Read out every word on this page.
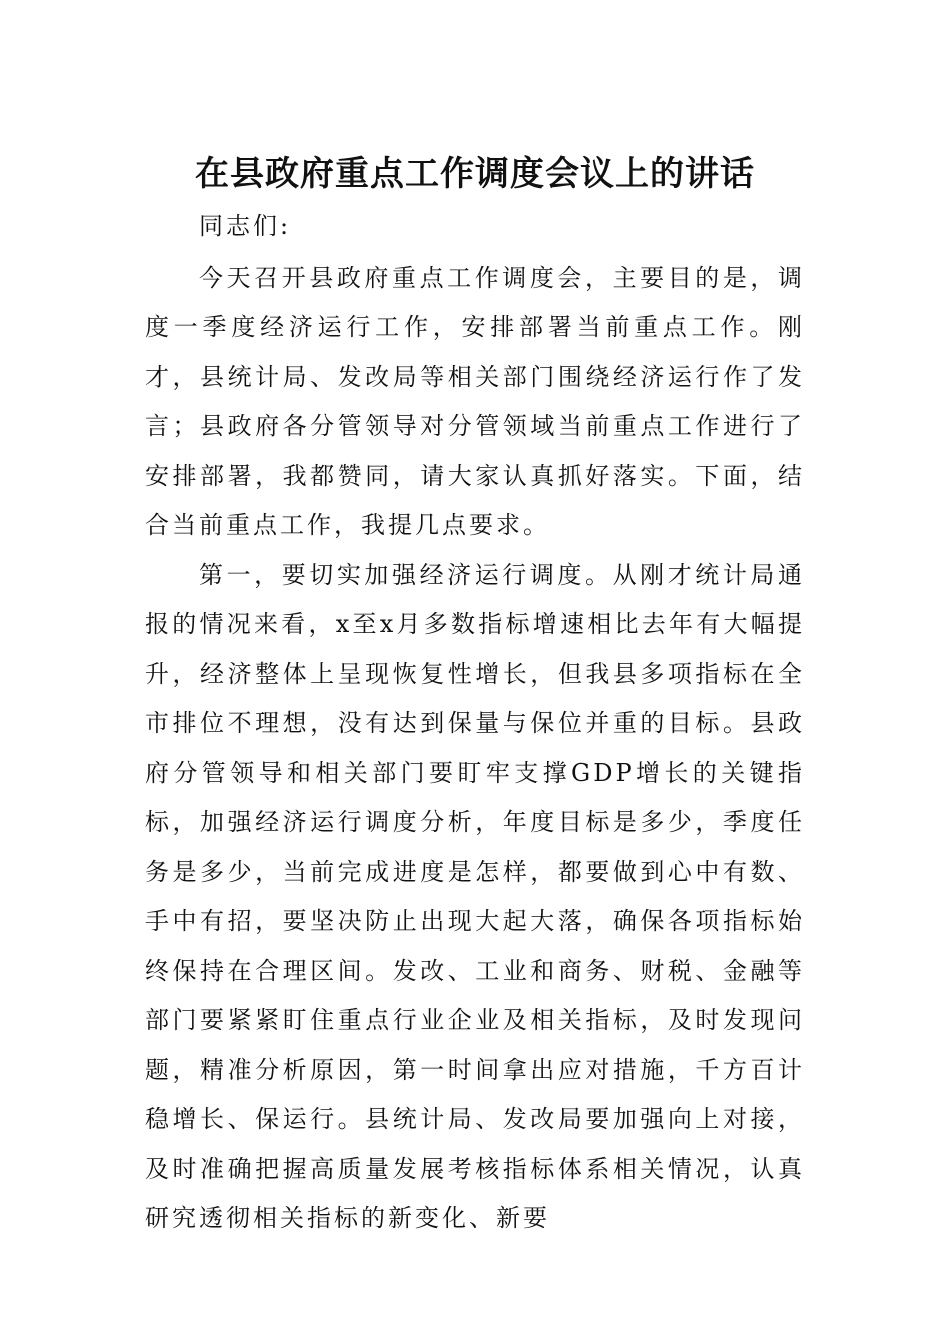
在县政府重点工作调度会议上的讲话

同志们:

今天召开县政府重点工作调度会，主要目的是，调度一季度经济运行工作，安排部署当前重点工作。刚才，县统计局、发改局等相关部门围绕经济运行作了发言；县政府各分管领导对分管领域当前重点工作进行了安排部署，我都赞同，请大家认真抓好落实。下面，结合当前重点工作，我提几点要求。

第一，要切实加强经济运行调度。从刚才统计局通报的情况来看，x至x月多数指标增速相比去年有大幅提升，经济整体上呈现恢复性增长，但我县多项指标在全市排位不理想，没有达到保量与保位并重的目标。县政府分管领导和相关部门要盯牢支撑GDP增长的关键指标，加强经济运行调度分析，年度目标是多少，季度任务是多少，当前完成进度是怎样，都要做到心中有数、手中有招，要坚决防止出现大起大落，确保各项指标始终保持在合理区间。发改、工业和商务、财税、金融等部门要紧紧盯住重点行业企业及相关指标，及时发现问题，精准分析原因，第一时间拿出应对措施，千方百计稳增长、保运行。县统计局、发改局要加强向上对接，及时准确把握高质量发展考核指标体系相关情况，认真研究透彻相关指标的新变化、新要
